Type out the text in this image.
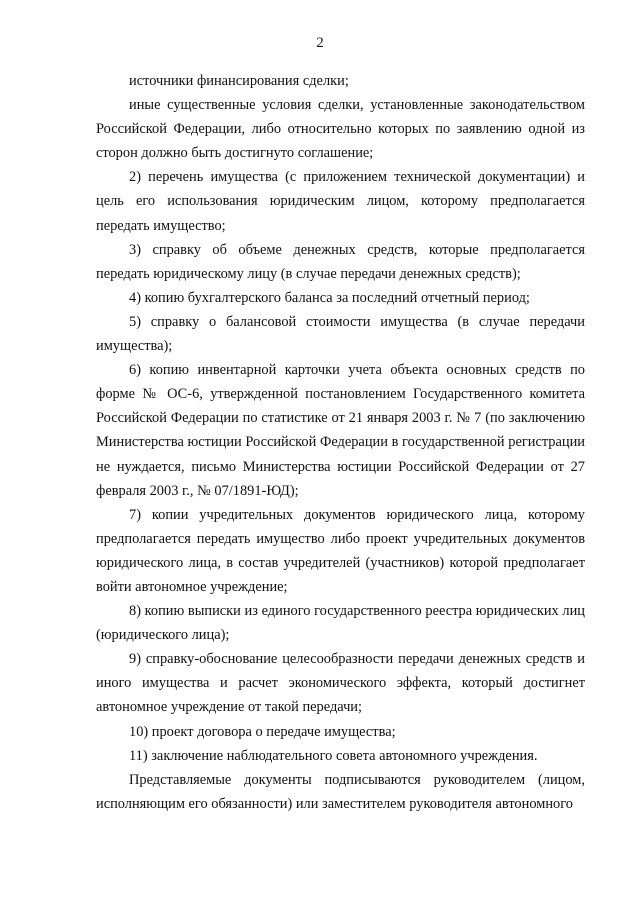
2

источники финансирования сделки;

иные существенные условия сделки, установленные законодательством Российской Федерации, либо относительно которых по заявлению одной из сторон должно быть достигнуто соглашение;

2) перечень имущества (с приложением технической документации) и цель его использования юридическим лицом, которому предполагается передать имущество;

3) справку об объеме денежных средств, которые предполагается передать юридическому лицу (в случае передачи денежных средств);

4) копию бухгалтерского баланса за последний отчетный период;

5) справку о балансовой стоимости имущества (в случае передачи имущества);

6) копию инвентарной карточки учета объекта основных средств по форме № ОС-6, утвержденной постановлением Государственного комитета Российской Федерации по статистике от 21 января 2003 г. № 7 (по заключению Министерства юстиции Российской Федерации в государственной регистрации не нуждается, письмо Министерства юстиции Российской Федерации от 27 февраля 2003 г., № 07/1891-ЮД);

7) копии учредительных документов юридического лица, которому предполагается передать имущество либо проект учредительных документов юридического лица, в состав учредителей (участников) которой предполагает войти автономное учреждение;

8) копию выписки из единого государственного реестра юридических лиц (юридического лица);

9) справку-обоснование целесообразности передачи денежных средств и иного имущества и расчет экономического эффекта, который достигнет автономное учреждение от такой передачи;

10) проект договора о передаче имущества;

11) заключение наблюдательного совета автономного учреждения.

Представляемые документы подписываются руководителем (лицом, исполняющим его обязанности) или заместителем руководителя автономного
